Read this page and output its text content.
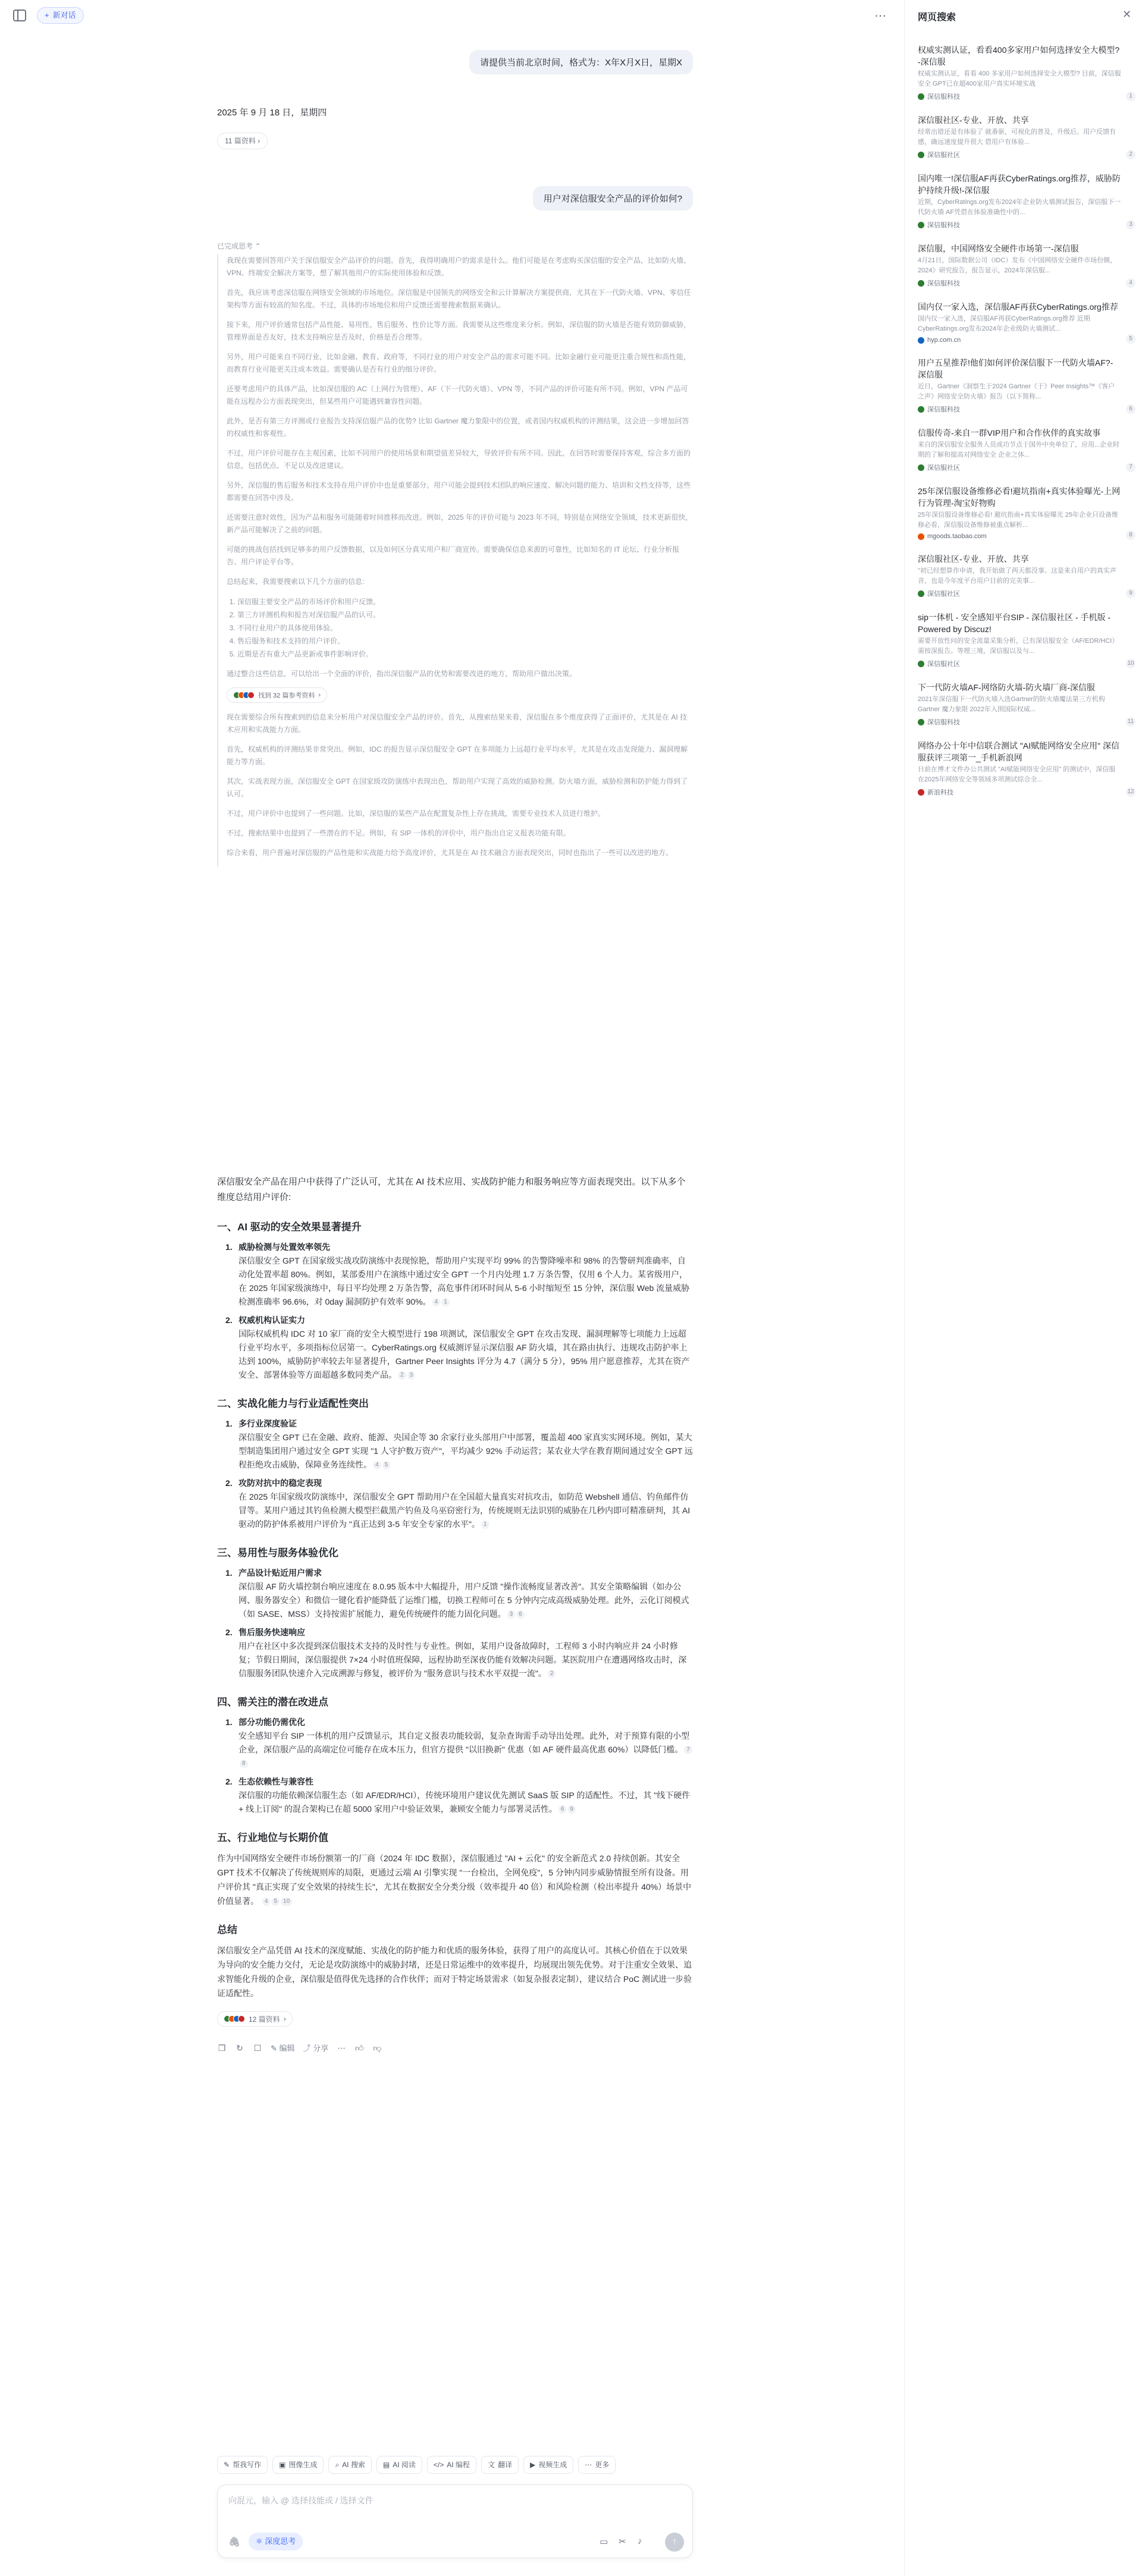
+ 新对话	⋯
请提供当前北京时间，格式为：X年X月X日，星期X
2025 年 9 月 18 日，星期四
11 篇资料 ›
用户对深信服安全产品的评价如何?
已完成思考 ⌃

我现在需要回答用户关于深信服安全产品评价的问题。首先，我得明确用户的需求是什么。他们可能是在考虑购买深信服的安全产品，比如防火墙、VPN、终端安全解决方案等，想了解其他用户的实际使用体验和反馈。

首先，我应该考虑深信服在网络安全领域的市场地位。深信服是中国领先的网络安全和云计算解决方案提供商，尤其在下一代防火墙、VPN、零信任架构等方面有较高的知名度。不过，具体的市场地位和用户反馈还需要搜索数据来确认。

接下来，用户评价通常包括产品性能、易用性、售后服务、性价比等方面。我需要从这些维度来分析。例如，深信服的防火墙是否能有效防御威胁，管理界面是否友好，技术支持响应是否及时，价格是否合理等。

另外，用户可能来自不同行业，比如金融、教育、政府等，不同行业的用户对安全产品的需求可能不同。比如金融行业可能更注重合规性和高性能，而教育行业可能更关注成本效益。需要确认是否有行业的细分评价。

还要考虑用户的具体产品，比如深信服的 AC（上网行为管理）、AF（下一代防火墙）、VPN 等，不同产品的评价可能有所不同。例如，VPN 产品可能在远程办公方面表现突出，但某些用户可能遇到兼容性问题。

此外，是否有第三方评测或行业报告支持深信服产品的优势? 比如 Gartner 魔力象限中的位置，或者国内权威机构的评测结果，这会进一步增加回答的权威性和客观性。

不过，用户评价可能存在主观因素，比如不同用户的使用场景和期望值差异较大，导致评价有所不同。因此，在回答时需要保持客观，综合多方面的信息，包括优点、不足以及改进建议。

另外，深信服的售后服务和技术支持在用户评价中也是重要部分。用户可能会提到技术团队的响应速度、解决问题的能力、培训和文档支持等，这些都需要在回答中涉及。

还需要注意时效性，因为产品和服务可能随着时间推移而改进。例如，2025 年的评价可能与 2023 年不同，特别是在网络安全领域，技术更新很快，新产品可能解决了之前的问题。

可能的挑战包括找到足够多的用户反馈数据，以及如何区分真实用户和厂商宣传。需要确保信息来源的可靠性，比如知名的 IT 论坛、行业分析报告、用户评论平台等。

总结起来，我需要搜索以下几个方面的信息:

1. 深信服主要安全产品的市场评价和用户反馈。
2. 第三方评测机构和报告对深信服产品的认可。
3. 不同行业用户的具体使用体验。
4. 售后服务和技术支持的用户评价。
5. 近期是否有重大产品更新或事件影响评价。

通过整合这些信息，可以给出一个全面的评价，指出深信服产品的优势和需要改进的地方，帮助用户做出决策。

找到 32 篇参考资料 ›

现在需要综合所有搜索到的信息来分析用户对深信服安全产品的评价。首先，从搜索结果来看，深信服在多个维度获得了正面评价，尤其是在 AI 技术应用和实战能力方面。

首先，权威机构的评测结果非常突出。例如，IDC 的报告显示深信服安全 GPT 在多项能力上远超行业平均水平，尤其是在攻击发现能力、漏洞理解能力等方面。

其次，实战表现方面，深信服安全 GPT 在国家级攻防演练中表现出色，帮助用户实现了高效的威胁检测。防火墙方面，威胁检测和防护能力得到了认可。

不过，用户评价中也提到了一些问题。比如，深信服的某些产品在配置复杂性上存在挑战，需要专业技术人员进行维护。

不过，搜索结果中也提到了一些潜在的不足。例如，有 SIP 一体机的评价中，用户指出自定义报表功能有限。

综合来看，用户普遍对深信服的产品性能和实战能力给予高度评价，尤其是在 AI 技术融合方面表现突出，同时也指出了一些可以改进的地方。

深信服安全产品在用户中获得了广泛认可，尤其在 AI 技术应用、实战防护能力和服务响应等方面表现突出。以下从多个维度总结用户评价:

一、AI 驱动的安全效果显著提升
1. 威胁检测与处置效率领先
深信服安全 GPT 在国家级实战攻防演练中表现惊艳，帮助用户实现平均 99% 的告警降噪率和 98% 的告警研判准确率，自动化处置率超 80%。例如，某部委用户在演练中通过安全 GPT 一个月内处理 1.7 万条告警，仅用 6 个人力。某省级用户，在 2025 年国家级演练中，每日平均处理 2 万条告警，高危事件闭环时间从 5-6 小时缩短至 15 分钟，深信服 Web 流量威胁检测准确率 96.6%，对 0day 漏洞防护有效率 90%。 4 1
2. 权威机构认证实力
国际权威机构 IDC 对 10 家厂商的安全大模型进行 198 项测试，深信服安全 GPT 在攻击发现、漏洞理解等七项能力上远超行业平均水平，多项指标位居第一。CyberRatings.org 权威测评显示深信服 AF 防火墙，其在路由执行、违规攻击防护率上达到 100%，威胁防护率较去年显著提升，Gartner Peer Insights 评分为 4.7（满分 5 分），95% 用户愿意推荐，尤其在资产安全、部署体验等方面超越多数同类产品。 2 3
二、实战化能力与行业适配性突出
1. 多行业深度验证
深信服安全 GPT 已在金融、政府、能源、央国企等 30 余家行业头部用户中部署，覆盖超 400 家真实实网环境。例如，某大型制造集团用户通过安全 GPT 实现 "1 人守护数万资产"，平均减少 92% 手动运营；某农业大学在教育期间通过安全 GPT 远程拒绝攻击威胁，保障业务连续性。 4 5
2. 攻防对抗中的稳定表现
在 2025 年国家级攻防演练中，深信服安全 GPT 帮助用户在全国超大量真实对抗攻击，如防范 Webshell 通信、钓鱼邮件仿冒等。某用户通过其钓鱼检测大模型拦截黑产钓鱼及乌巫窃密行为，传统规则无法识别的威胁在几秒内即可精准研判，其 AI 驱动的防护体系被用户评价为 "真正达到 3-5 年安全专家的水平"。 1
三、易用性与服务体验优化
1. 产品设计贴近用户需求
深信服 AF 防火墙控制台响应速度在 8.0.95 版本中大幅提升，用户反馈 "操作流畅度显著改善"。其安全策略编辑（如办公网、服务器安全）和微信一键化看护能降低了运维门槛，切换工程师可在 5 分钟内完成高级威胁处理。此外，云化订阅模式（如 SASE、MSS）支持按需扩展能力，避免传统硬件的能力固化问题。 3 6
2. 售后服务快速响应
用户在社区中多次提到深信服技术支持的及时性与专业性。例如，某用户设备故障时，工程师 3 小时内响应并 24 小时修复；节假日期间，深信服提供 7×24 小时值班保障，远程协助至深夜仍能有效解决问题。某医院用户在遭遇网络攻击时，深信服服务团队快速介入完成溯源与修复，被评价为 "服务意识与技术水平双提一流"。 2
四、需关注的潜在改进点
1. 部分功能仍需优化
安全感知平台 SIP 一体机的用户反馈显示，其自定义报表功能较弱，复杂查询需手动导出处理。此外，对于预算有限的小型企业，深信服产品的高端定位可能存在成本压力，但官方提供 "以旧换新" 优惠（如 AF 硬件最高优惠 60%）以降低门槛。 78
2. 生态依赖性与兼容性
深信服的功能依赖深信服生态（如 AF/EDR/HCI），传统环境用户建议优先测试 SaaS 版 SIP 的适配性。不过，其 "线下硬件 + 线上订阅" 的混合架构已在超 5000 家用户中验证效果，兼顾安全能力与部署灵活性。 6 9
五、行业地位与长期价值

作为中国网络安全硬件市场份额第一的厂商（2024 年 IDC 数据），深信服通过 "AI + 云化" 的安全新范式 2.0 持续创新。其安全 GPT 技术不仅解决了传统规则库的局限，更通过云端 AI 引擎实现 "一台检出，全网免疫"，5 分钟内同步威胁情报至所有设备。用户评价其 "真正实现了安全效果的持续生长"，尤其在数据安全分类分级（效率提升 40 倍）和风险检测（检出率提升 40%）场景中价值显著。 4 5 10

总结

深信服安全产品凭借 AI 技术的深度赋能、实战化的防护能力和优质的服务体验，获得了用户的高度认可。其核心价值在于以效果为导向的安全能力交付，无论是攻防演练中的威胁封堵，还是日常运维中的效率提升，均展现出领先优势。对于注重安全效果、追求智能化升级的企业，深信服是值得优先选择的合作伙伴；而对于特定场景需求（如复杂报表定制），建议结合 PoC 测试进一步验证适配性。

12 篇资料 ›
❐ ↻ ☐ ✎ 编辑 ⤴ 分享 ⋯ 👍︎ 👎︎
✎ 帮我写作	▣ 图像生成	⌕ AI 搜索	▤ AI 阅读	</> AI 编程	文 翻译	▶ 视频生成	⋯ 更多
向混元，输入 @ 选择技能或 / 选择文件
🖇︎	⚛ 深度思考	▭ ✂ ♪	↑
网页搜索	✕
权威实测认证，看看400多家用户如何选择安全大模型?-深信服
权威实测认证，看看 400 多家用户如何选择安全大模型? 目前，深信服安全 GPT已在超400家用户真实环境实战
深信服科技	1
深信服社区-专业、开放、共享
经常出错还是有体验了 就番驱，可视化的普及，升级后。用户反馈有感，确远速度提升很大 借用户有体验...
深信服社区	2
国内唯一!深信服AF再获CyberRatings.org推荐，威胁防护持续升级!-深信服
近期，CyberRatings.org发布2024年企业防火墙测试报告，深信服下一代防火墙 AF凭借在体验准确性中的...
深信服科技	3
深信服，中国网络安全硬件市场第一-深信服
4月21日，国际数据公司（IDC）发布《中国网络安全硬件市场份额，2024》研究报告，报告显示，2024年深信服...
深信服科技	4
国内仅一家入选，深信服AF再获CyberRatings.org推荐
国内仅一家入选，深信服AF再获CyberRatings.org推荐 近期CyberRatings.org发布2024年企业级防火墙测试...
hyp.com.cn	5
用户五星推荐!他们如何评价深信服下一代防火墙AF?-深信服
近日，Gartner《洞察生于2024 Gartner《于》Peer Insights™《客户之声》网络安全防火墙》报告（以下简称...
深信服科技	6
信服传奇-来自一群VIP用户和合作伙伴的真实故事
来自的深信服安全服务人员成功节点于国外中央单位了，应用...企业时期的了解和提高对网络安全 企业之体...
深信服社区	7
25年深信服设备维修必看!避坑指南+真实体验曝光-上网行为管理-淘宝好物购
25年深信服设备维修必看! 避坑指南+真实体验曝光 25年企业只设备维修必看，深信服设备维修被重点解析...
mgoods.taobao.com	8
深信服社区-专业、开放、共享
"初已经想算作申请，我开始做了两天都没事。这是来自用户的真实声音，也是今年度平台用户目前的完美事...
深信服社区	9
sip一体机 - 安全感知平台SIP - 深信服社区 - 手机版 - Powered by Discuz!
需要开放性问的安全流量采集分析，已有深信服安全（AF/EDR/HCI）需按深报告。等理三境，深信服以及与...
深信服社区	10
下一代防火墙AF-网络防火墙-防火墙厂商-深信服
2021年深信服下一代防火墙入选Gartner的防火墙魔法第三方机构 Gartner 魔力象限 2022年入围国际权威...
深信服科技	11
网络办公十年中信联合测试 "AI赋能网络安全应用" 深信服获评三项第一_手机新浪网
日前在博才文件办公共测试 "AI赋能网络安全应用" 的测试中，深信服在2025年网络安全等领域多项测试综合全...
新浪科技	12
